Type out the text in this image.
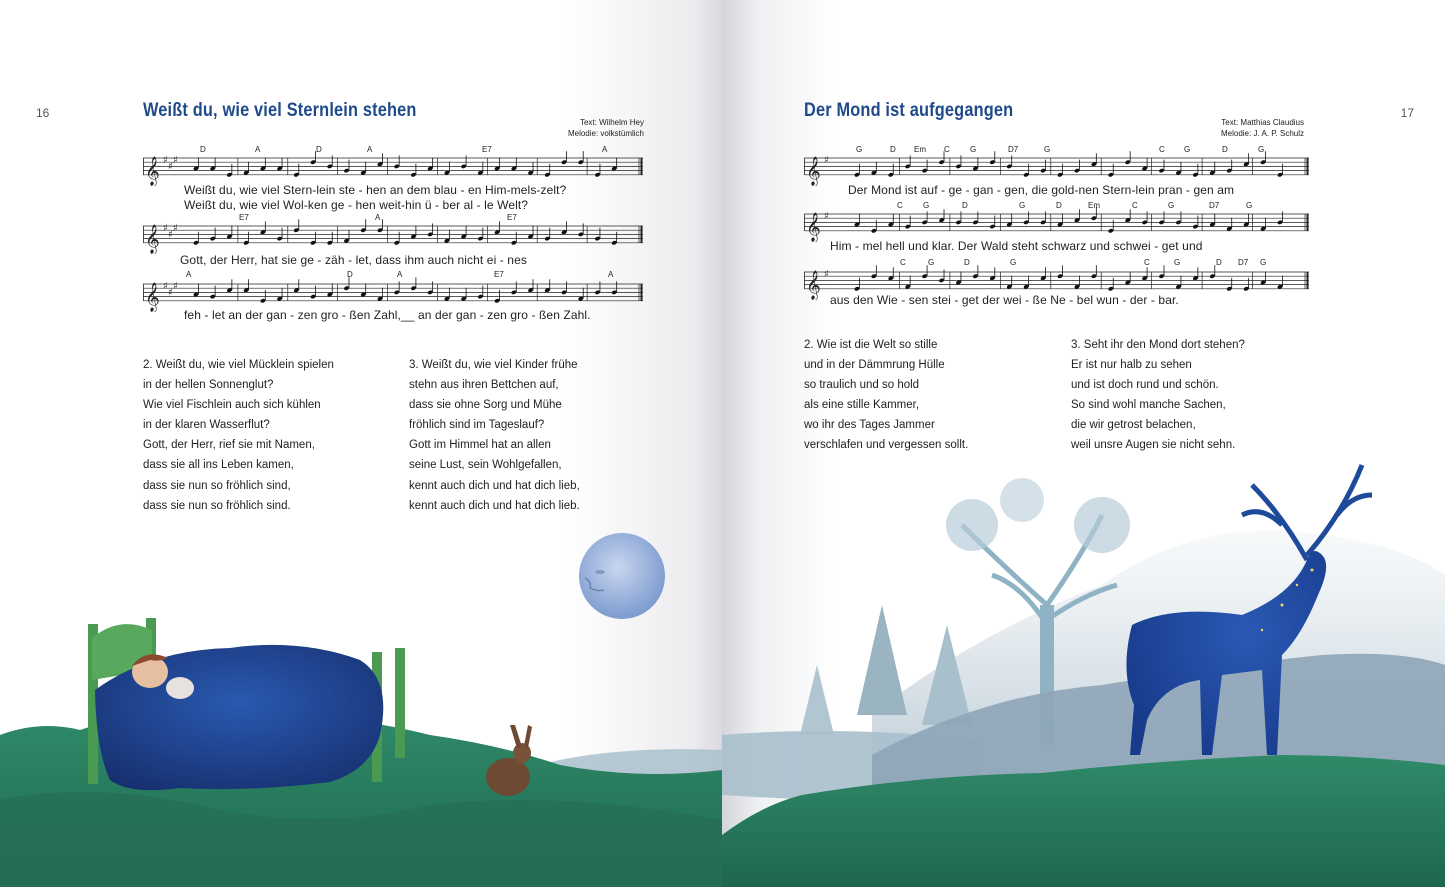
16	Weißt du, wie viel Sternlein stehen
Text: Wilhelm Hey
Melodie: volkstümlich
D	A	D	A	E7	A
𝄞 ♯
♯
♯
Weißt du, wie viel Stern-lein ste - hen an dem blau - en Him-mels-zelt?
Weißt du, wie viel Wol-ken ge - hen weit-hin ü - ber al - le Welt?
E7	A	E7
𝄞 ♯
♯
♯
Gott, der Herr, hat sie ge - zäh - let, dass ihm auch nicht ei - nes
A	D	A	E7	A
𝄞 ♯
♯
♯
feh - let an der gan - zen gro - ßen Zahl,__ an der gan - zen gro - ßen Zahl.
2. Weißt du, wie viel Mücklein spielen
in der hellen Sonnenglut?
Wie viel Fischlein auch sich kühlen
in der klaren Wasserflut?
Gott, der Herr, rief sie mit Namen,
dass sie all ins Leben kamen,
dass sie nun so fröhlich sind,
dass sie nun so fröhlich sind.
3. Weißt du, wie viel Kinder frühe
stehn aus ihren Bettchen auf,
dass sie ohne Sorg und Mühe
fröhlich sind im Tageslauf?
Gott im Himmel hat an allen
seine Lust, sein Wohlgefallen,
kennt auch dich und hat dich lieb,
kennt auch dich und hat dich lieb.
17
Der Mond ist aufgegangen
Text: Matthias Claudius
Melodie: J. A. P. Schulz
G	D Em C	G	D7	G	C G	D	G
𝄞 ♯
Der Mond ist auf - ge - gan - gen, die gold-nen Stern-lein pran - gen am
C	G	D	G	D	Em	C	G	D7	G
𝄞 ♯
Him - mel hell und klar. Der Wald steht schwarz und schwei - get und
C	G	D	G	C	G	D D7 G
𝄞 ♯
aus den Wie - sen stei - get der wei - ße Ne - bel wun - der - bar.
2. Wie ist die Welt so stille
und in der Dämmrung Hülle
so traulich und so hold
als eine stille Kammer,
wo ihr des Tages Jammer
verschlafen und vergessen sollt.
3. Seht ihr den Mond dort stehen?
Er ist nur halb zu sehen
und ist doch rund und schön.
So sind wohl manche Sachen,
die wir getrost belachen,
weil unsre Augen sie nicht sehn.
